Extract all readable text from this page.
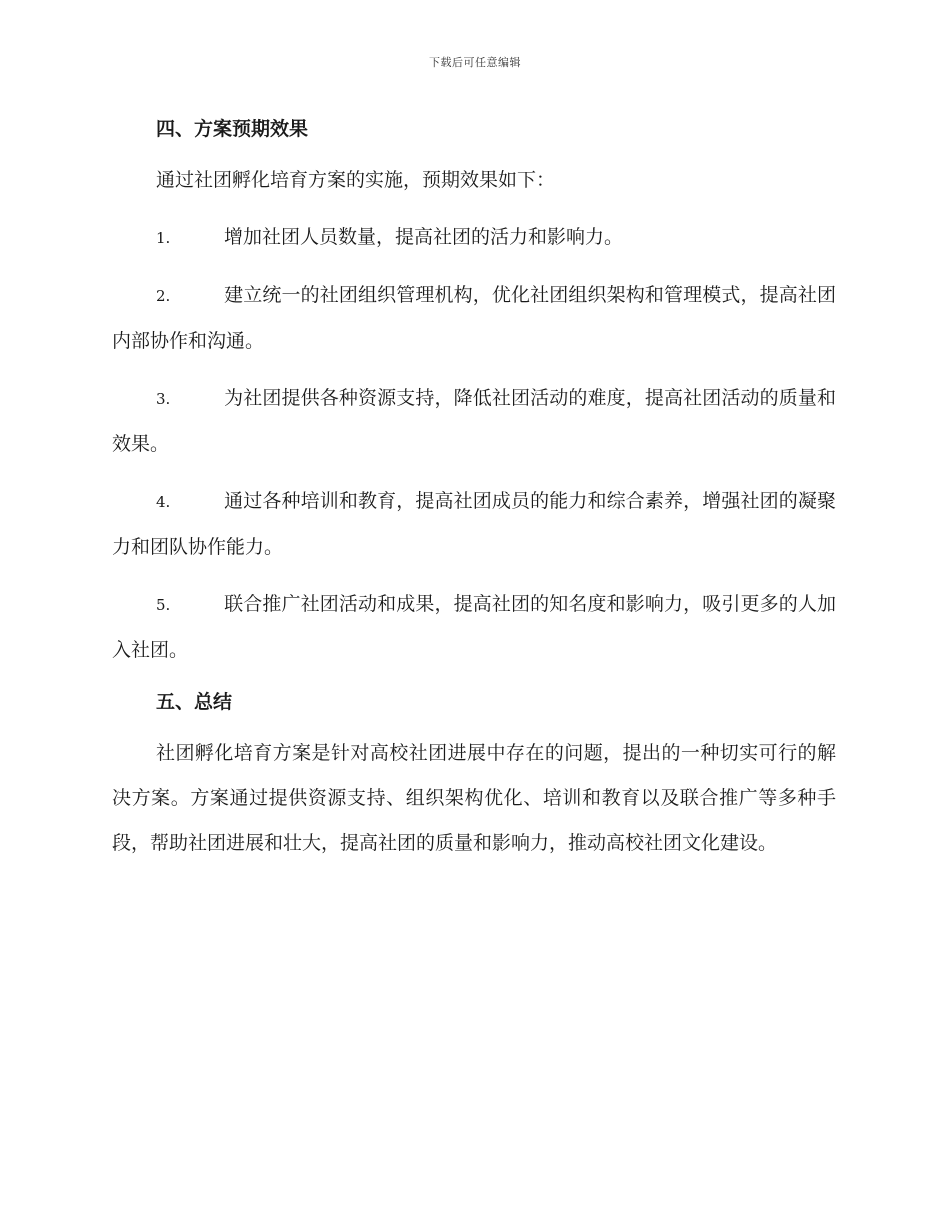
下载后可任意编辑
四、方案预期效果

通过社团孵化培育方案的实施，预期效果如下：

1.	增加社团人员数量，提高社团的活力和影响力。

2.	建立统一的社团组织管理机构，优化社团组织架构和管理模式，提高社团内部协作和沟通。

3.	为社团提供各种资源支持，降低社团活动的难度，提高社团活动的质量和效果。

4.	通过各种培训和教育，提高社团成员的能力和综合素养，增强社团的凝聚力和团队协作能力。

5.	联合推广社团活动和成果，提高社团的知名度和影响力，吸引更多的人加入社团。

五、总结

社团孵化培育方案是针对高校社团进展中存在的问题，提出的一种切实可行的解决方案。方案通过提供资源支持、组织架构优化、培训和教育以及联合推广等多种手段，帮助社团进展和壮大，提高社团的质量和影响力，推动高校社团文化建设。
